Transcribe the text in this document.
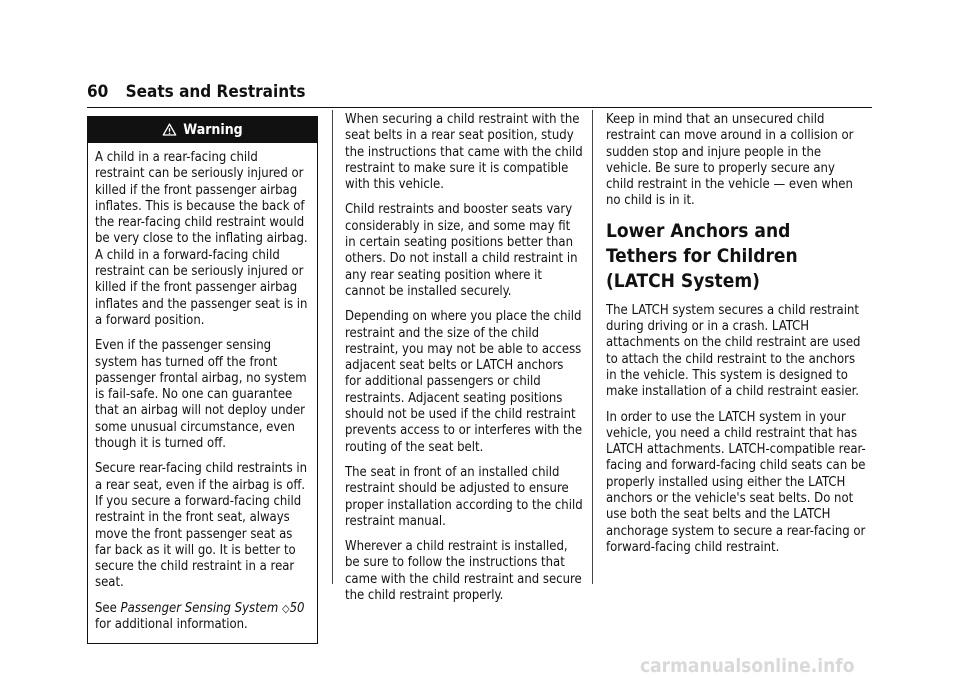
60 Seats and Restraints
Warning

A child in a rear-facing child restraint can be seriously injured or killed if the front passenger airbag inflates. This is because the back of the rear-facing child restraint would be very close to the inflating airbag. A child in a forward-facing child restraint can be seriously injured or killed if the front passenger airbag inflates and the passenger seat is in a forward position.

Even if the passenger sensing system has turned off the front passenger frontal airbag, no system is fail-safe. No one can guarantee that an airbag will not deploy under some unusual circumstance, even though it is turned off.

Secure rear-facing child restraints in a rear seat, even if the airbag is off. If you secure a forward-facing child restraint in the front seat, always move the front passenger seat as far back as it will go. It is better to secure the child restraint in a rear seat.

See Passenger Sensing System ◇50 for additional information.

When securing a child restraint with the seat belts in a rear seat position, study the instructions that came with the child restraint to make sure it is compatible with this vehicle.

Child restraints and booster seats vary considerably in size, and some may fit in certain seating positions better than others. Do not install a child restraint in any rear seating position where it cannot be installed securely.

Depending on where you place the child restraint and the size of the child restraint, you may not be able to access adjacent seat belts or LATCH anchors for additional passengers or child restraints. Adjacent seating positions should not be used if the child restraint prevents access to or interferes with the routing of the seat belt.

The seat in front of an installed child restraint should be adjusted to ensure proper installation according to the child restraint manual.

Wherever a child restraint is installed, be sure to follow the instructions that came with the child restraint and secure the child restraint properly.

Keep in mind that an unsecured child restraint can move around in a collision or sudden stop and injure people in the vehicle. Be sure to properly secure any child restraint in the vehicle — even when no child is in it.

Lower Anchors and Tethers for Children (LATCH System)

The LATCH system secures a child restraint during driving or in a crash. LATCH attachments on the child restraint are used to attach the child restraint to the anchors in the vehicle. This system is designed to make installation of a child restraint easier.

In order to use the LATCH system in your vehicle, you need a child restraint that has LATCH attachments. LATCH-compatible rear-facing and forward-facing child seats can be properly installed using either the LATCH anchors or the vehicle's seat belts. Do not use both the seat belts and the LATCH anchorage system to secure a rear-facing or forward-facing child restraint.

carmanualsonline.info
